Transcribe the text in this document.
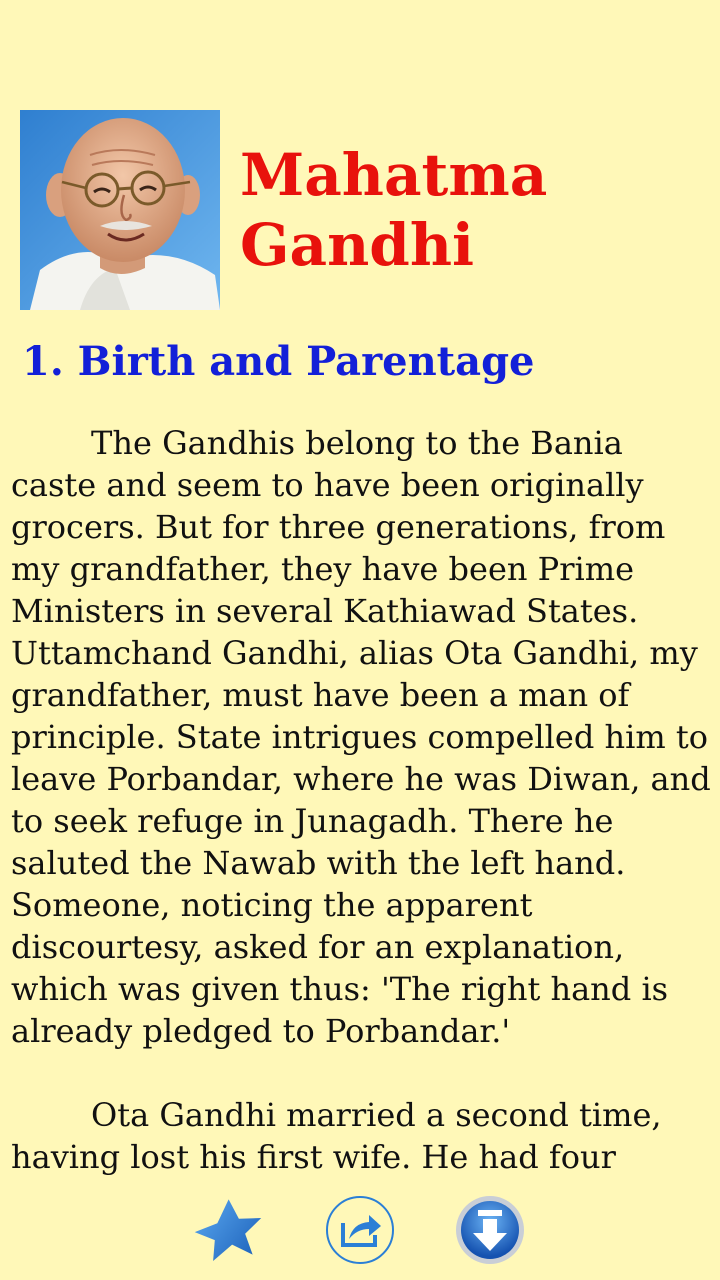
Mahatma Gandhi
1. Birth and Parentage

The Gandhis belong to the Bania caste and seem to have been originally grocers. But for three generations, from my grandfather, they have been Prime Ministers in several Kathiawad States. Uttamchand Gandhi, alias Ota Gandhi, my grandfather, must have been a man of principle. State intrigues compelled him to leave Porbandar, where he was Diwan, and to seek refuge in Junagadh. There he saluted the Nawab with the left hand. Someone, noticing the apparent discourtesy, asked for an explanation, which was given thus: 'The right hand is already pledged to Porbandar.'

Ota Gandhi married a second time, having lost his first wife. He had four
